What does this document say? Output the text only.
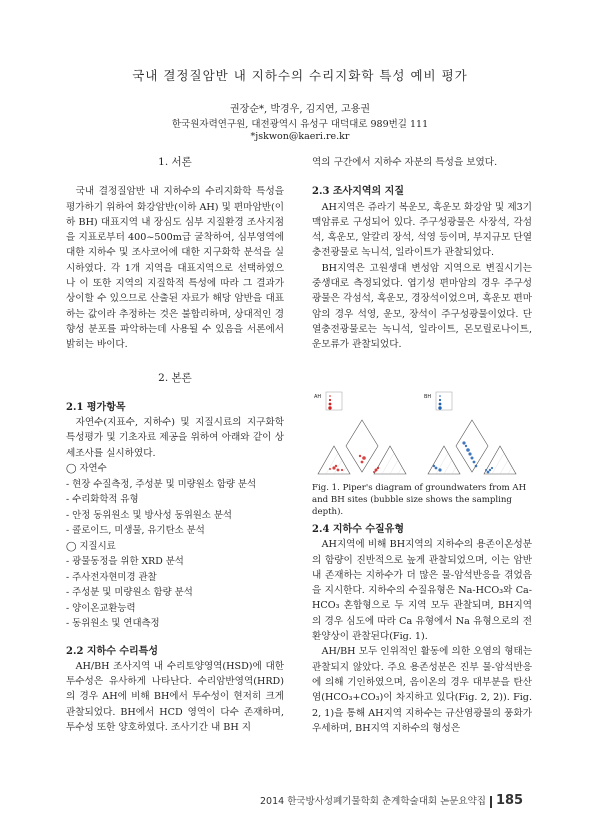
국내 결정질암반 내 지하수의 수리지화학 특성 예비 평가
권장순*, 박경우, 김지연, 고용권
한국원자력연구원, 대전광역시 유성구 대덕대로 989번길 111
*jskwon@kaeri.re.kr
1. 서론

국내 결정질암반 내 지하수의 수리지화학 특성을 평가하기 위하여 화강암반(이하 AH) 및 편마암반(이하 BH) 대표지역 내 장심도 심부 지질환경 조사지점을 지표로부터 400~500m급 굴착하여, 심부영역에 대한 지하수 및 조사코어에 대한 지구화학 분석을 실시하였다. 각 1개 지역을 대표지역으로 선택하였으나 이 또한 지역의 지질학적 특성에 따라 그 결과가 상이할 수 있으므로 산출된 자료가 해당 암반을 대표하는 값이라 추정하는 것은 불합리하며, 상대적인 경향성 분포를 파악하는데 사용될 수 있음을 서론에서 밝히는 바이다.

2. 본론
2.1 평가항목

자연수(지표수, 지하수) 및 지질시료의 지구화학 특성평가 및 기초자료 제공을 위하여 아래와 같이 상세조사를 실시하였다.

◯ 자연수
- 현장 수질측정, 주성분 및 미량원소 함량 분석
- 수리화학적 유형
- 안정 동위원소 및 방사성 동위원소 분석
- 콜로이드, 미생물, 유기탄소 분석
◯ 지질시료
- 광물동정을 위한 XRD 분석
- 주사전자현미경 관찰
- 주성분 및 미량원소 함량 분석
- 양이온교환능력
- 동위원소 및 연대측정
2.2 지하수 수리특성

AH/BH 조사지역 내 수리토양영역(HSD)에 대한 투수성은 유사하게 나타난다. 수리암반영역(HRD)의 경우 AH에 비해 BH에서 투수성이 현저히 크게 관찰되었다. BH에서 HCD 영역이 다수 존재하며, 투수성 또한 양호하였다. 조사기간 내 BH 지

역의 구간에서 지하수 자분의 특성을 보였다.

2.3 조사지역의 지질

AH지역은 쥬라기 복운모, 흑운모 화강암 및 제3기 맥암류로 구성되어 있다. 주구성광물은 사장석, 각섬석, 흑운모, 알칼리 장석, 석영 등이며, 부지규모 단열충전광물로 녹니석, 일라이트가 관찰되었다.

BH지역은 고원생대 변성암 지역으로 변질시기는 중생대로 측정되었다. 엽기성 편마암의 경우 주구성광물은 각섬석, 흑운모, 경장석이었으며, 흑운모 편마암의 경우 석영, 운모, 장석이 주구성광물이었다. 단열충전광물로는 녹니석, 일라이트, 몬모릴로나이트, 운모류가 관찰되었다.

AH	BH
Fig. 1. Piper's diagram of groundwaters from AH and BH sites (bubble size shows the sampling depth).
2.4 지하수 수질유형

AH지역에 비해 BH지역의 지하수의 용존이온성분의 함량이 진반적으로 높게 관찰되었으며, 이는 암반 내 존재하는 지하수가 더 많은 물-암석반응을 겪었음을 지시한다. 지하수의 수질유형은 Na-HCO₃와 Ca-HCO₃ 혼합형으로 두 지역 모두 관찰되며, BH지역의 경우 심도에 따라 Ca 유형에서 Na 유형으로의 전환양상이 관찰된다(Fig. 1).

AH/BH 모두 인위적인 활동에 의한 오염의 형태는 관찰되지 않았다. 주요 용존성분은 진부 물-암석반응에 의해 기인하였으며, 음이온의 경우 대부분을 탄산염(HCO₃+CO₃)이 차지하고 있다(Fig. 2, 2)). Fig. 2, 1)을 통해 AH지역 지하수는 규산염광물의 풍화가 우세하며, BH지역 지하수의 형성은

2014 한국방사성폐기물학회 춘계학술대회 논문요약집 185
